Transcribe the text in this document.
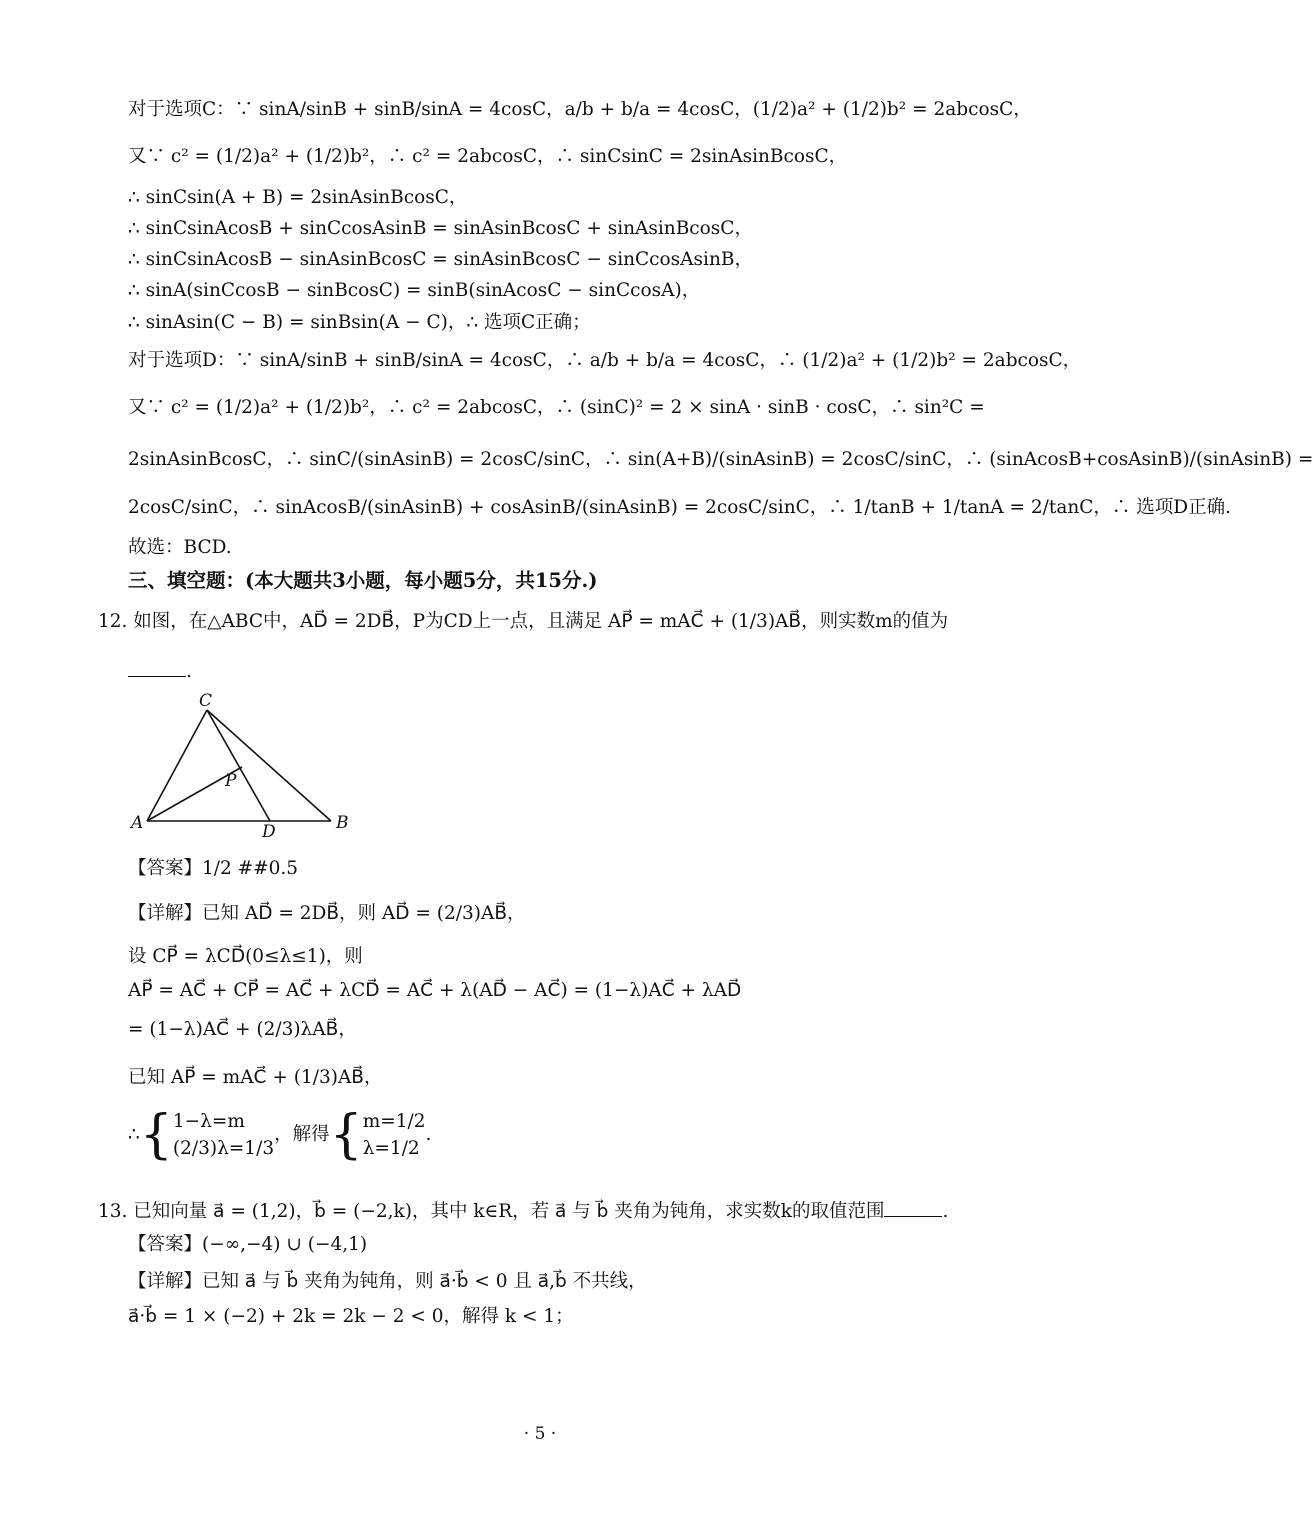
对于选项C：∵ sinA/sinB + sinB/sinA = 4cosC，a/b + b/a = 4cosC，(1/2)a² + (1/2)b² = 2abcosC，
又∵ c² = (1/2)a² + (1/2)b²，∴ c² = 2abcosC，∴ sinCsinC = 2sinAsinBcosC，
∴ sinCsin(A + B) = 2sinAsinBcosC，
∴ sinCsinAcosB + sinCcosAsinB = sinAsinBcosC + sinAsinBcosC，
∴ sinCsinAcosB − sinAsinBcosC = sinAsinBcosC − sinCcosAsinB，
∴ sinA(sinCcosB − sinBcosC) = sinB(sinAcosC − sinCcosA)，
∴ sinAsin(C − B) = sinBsin(A − C)，∴ 选项C正确；
对于选项D：∵ sinA/sinB + sinB/sinA = 4cosC，∴ a/b + b/a = 4cosC，∴ (1/2)a² + (1/2)b² = 2abcosC，
又∵ c² = (1/2)a² + (1/2)b²，∴ c² = 2abcosC，∴ (sinC)² = 2 × sinA · sinB · cosC，∴ sin²C =
2sinAsinBcosC，∴ sinC/(sinAsinB) = 2cosC/sinC，∴ sin(A+B)/(sinAsinB) = 2cosC/sinC，∴ (sinAcosB+cosAsinB)/(sinAsinB) =
2cosC/sinC，∴ sinAcosB/(sinAsinB) + cosAsinB/(sinAsinB) = 2cosC/sinC，∴ 1/tanB + 1/tanA = 2/tanC，∴ 选项D正确.
故选：BCD.
三、填空题：(本大题共3小题，每小题5分，共15分.)
12. 如图，在△ABC中，AD⃗ = 2DB⃗，P为CD上一点，且满足 AP⃗ = mAC⃗ + (1/3)AB⃗，则实数m的值为
.
C
P
A	D	B
【答案】1/2 ##0.5
【详解】已知 AD⃗ = 2DB⃗，则 AD⃗ = (2/3)AB⃗，
设 CP⃗ = λCD⃗(0≤λ≤1)，则
AP⃗ = AC⃗ + CP⃗ = AC⃗ + λCD⃗ = AC⃗ + λ(AD⃗ − AC⃗) = (1−λ)AC⃗ + λAD⃗
= (1−λ)AC⃗ + (2/3)λAB⃗，
已知 AP⃗ = mAC⃗ + (1/3)AB⃗，
∴{1−λ=m
(2/3)λ=1/3，解得{m=1/2
λ=1/2.
13. 已知向量 a⃗ = (1,2)，b⃗ = (−2,k)，其中 k∈R，若 a⃗ 与 b⃗ 夹角为钝角，求实数k的取值范围	.
【答案】(−∞,−4) ∪ (−4,1)
【详解】已知 a⃗ 与 b⃗ 夹角为钝角，则 a⃗·b⃗ < 0 且 a⃗,b⃗ 不共线，
a⃗·b⃗ = 1 × (−2) + 2k = 2k − 2 < 0，解得 k < 1；
· 5 ·
